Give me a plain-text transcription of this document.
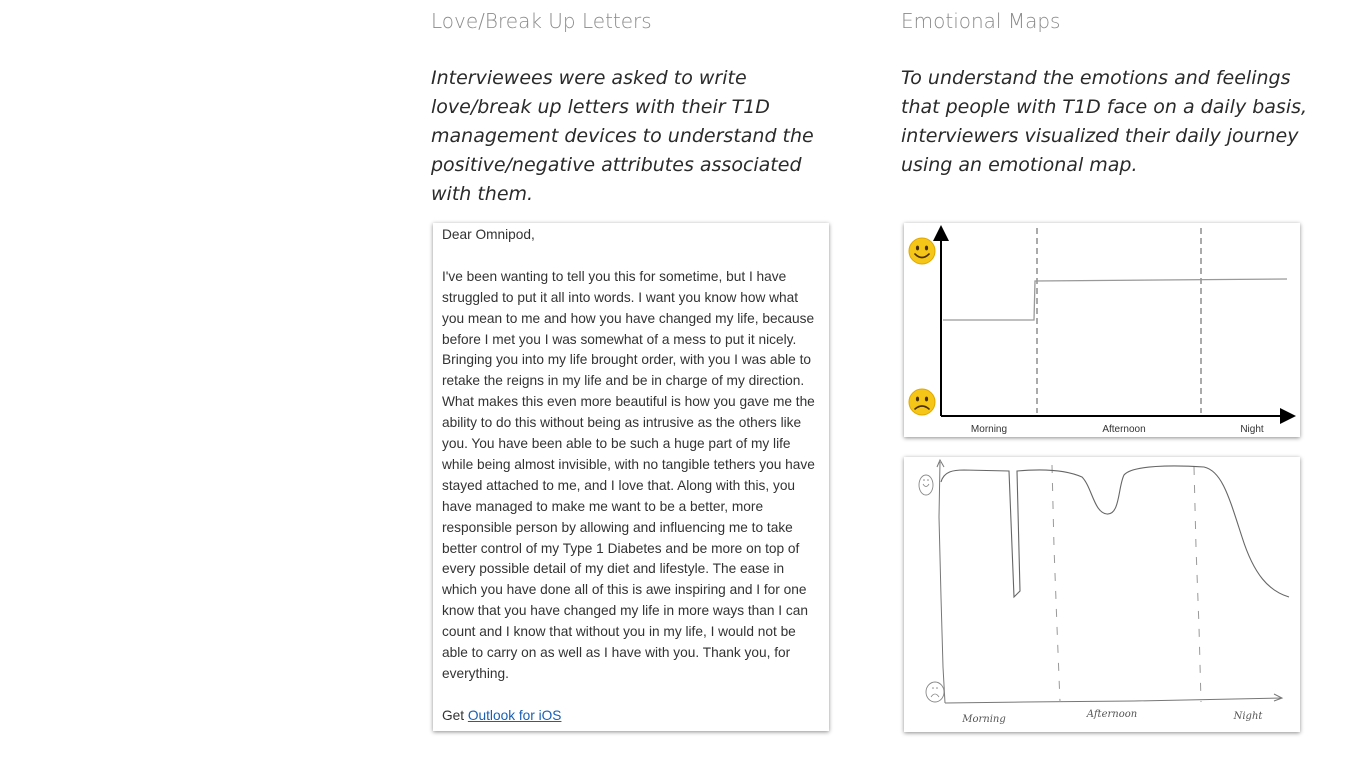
Love/Break Up Letters

Interviewees were asked to write love/break up letters with their T1D management devices to understand the positive/negative attributes associated with them.

Dear Omnipod,

I've been wanting to tell you this for sometime, but I have struggled to put it all into words. I want you know how what you mean to me and how you have changed my life, because before I met you I was somewhat of a mess to put it nicely. Bringing you into my life brought order, with you I was able to retake the reigns in my life and be in charge of my direction. What makes this even more beautiful is how you gave me the ability to do this without being as intrusive as the others like you. You have been able to be such a huge part of my life while being almost invisible, with no tangible tethers you have stayed attached to me, and I love that. Along with this, you have managed to make me want to be a better, more responsible person by allowing and influencing me to take better control of my Type 1 Diabetes and be more on top of every possible detail of my diet and lifestyle. The ease in which you have done all of this is awe inspiring and I for one know that you have changed my life in more ways than I can count and I know that without you in my life, I would not be able to carry on as well as I have with you. Thank you, for everything.

Get Outlook for iOS

Emotional Maps

To understand the emotions and feelings that people with T1D face on a daily basis, interviewers visualized their daily journey using an emotional map.

Morning	Afternoon	Night
Morning	Afternoon	Night
